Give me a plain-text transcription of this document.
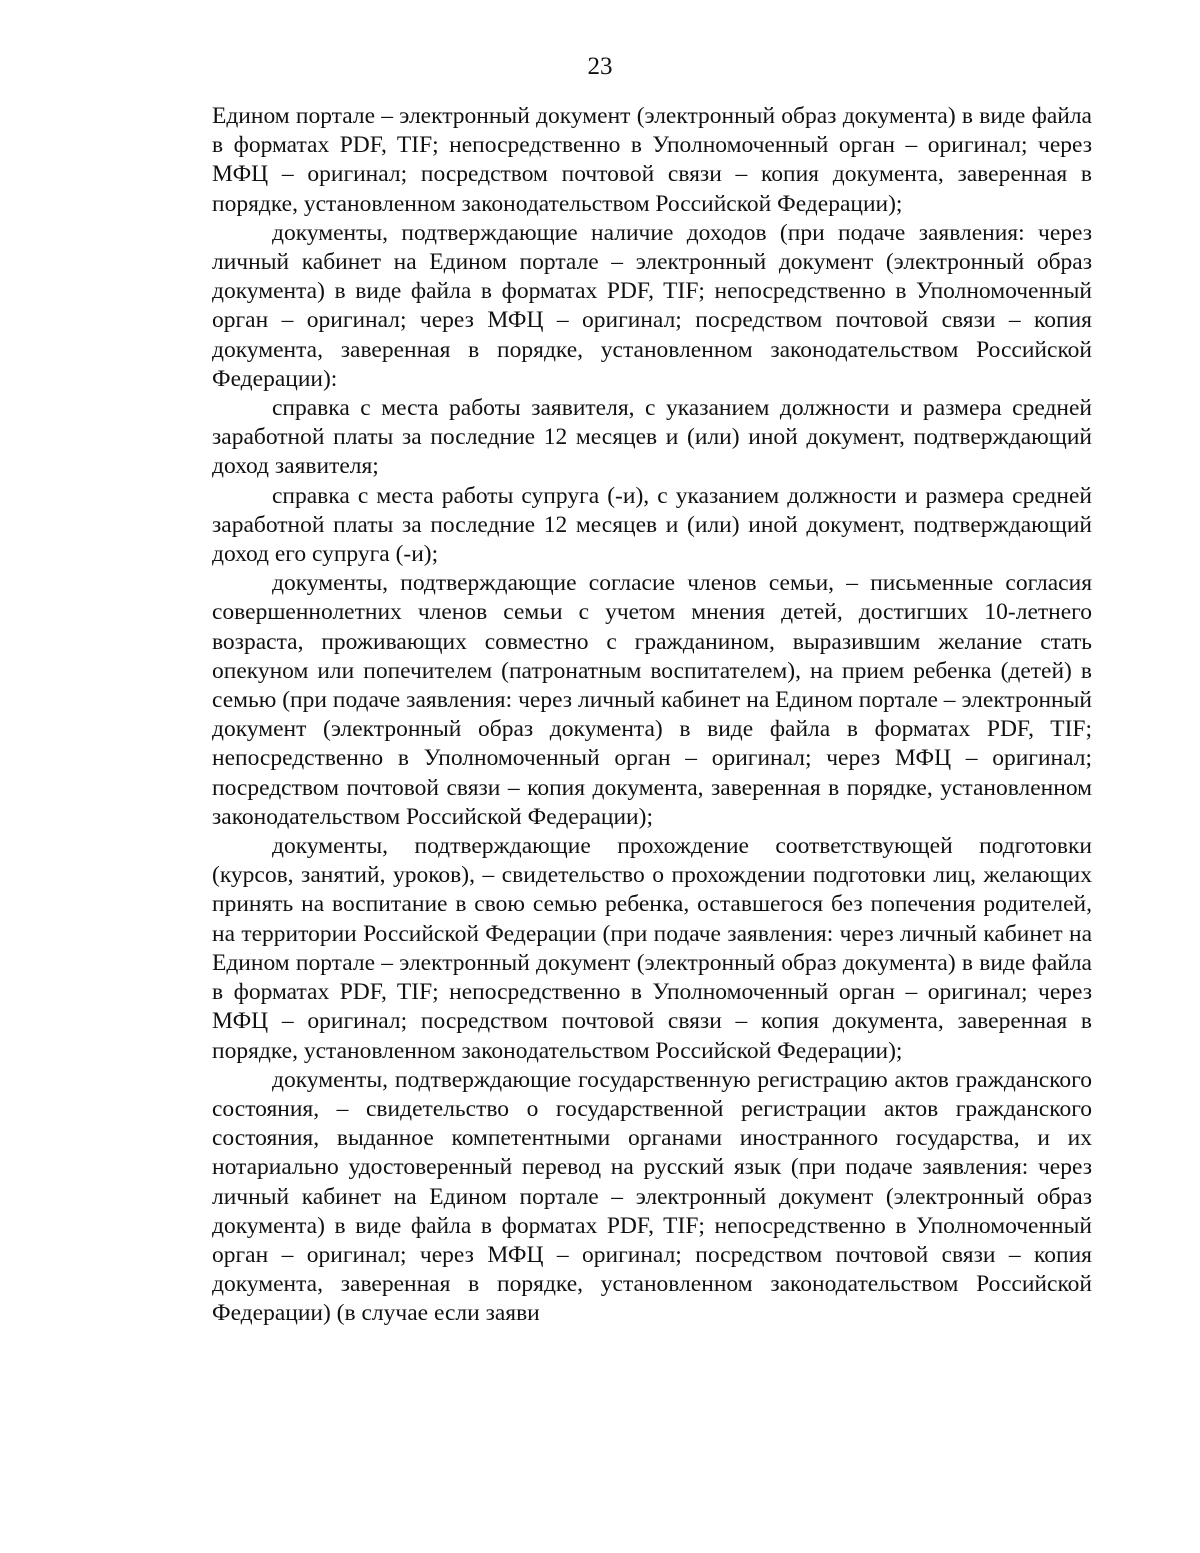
23

Едином портале – электронный документ (электронный образ документа) в виде файла в форматах PDF, TIF; непосредственно в Уполномоченный орган – оригинал; через МФЦ – оригинал; посредством почтовой связи – копия документа, заверенная в порядке, установленном законодательством Российской Федерации);

документы, подтверждающие наличие доходов (при подаче заявления: через личный кабинет на Едином портале – электронный документ (электронный образ документа) в виде файла в форматах PDF, TIF; непосредственно в Уполномоченный орган – оригинал; через МФЦ – оригинал; посредством почтовой связи – копия документа, заверенная в порядке, установленном законодательством Российской Федерации):

справка с места работы заявителя, с указанием должности и размера средней заработной платы за последние 12 месяцев и (или) иной документ, подтверждающий доход заявителя;

справка с места работы супруга (-и), с указанием должности и размера средней заработной платы за последние 12 месяцев и (или) иной документ, подтверждающий доход его супруга (-и);

документы, подтверждающие согласие членов семьи, – письменные согласия совершеннолетних членов семьи с учетом мнения детей, достигших 10-летнего возраста, проживающих совместно с гражданином, выразившим желание стать опекуном или попечителем (патронатным воспитателем), на прием ребенка (детей) в семью (при подаче заявления: через личный кабинет на Едином портале – электронный документ (электронный образ документа) в виде файла в форматах PDF, TIF; непосредственно в Уполномоченный орган – оригинал; через МФЦ – оригинал; посредством почтовой связи – копия документа, заверенная в порядке, установленном законодательством Российской Федерации);

документы, подтверждающие прохождение соответствующей подготовки (курсов, занятий, уроков), – свидетельство о прохождении подготовки лиц, желающих принять на воспитание в свою семью ребенка, оставшегося без попечения родителей, на территории Российской Федерации (при подаче заявления: через личный кабинет на Едином портале – электронный документ (электронный образ документа) в виде файла в форматах PDF, TIF; непосредственно в Уполномоченный орган – оригинал; через МФЦ – оригинал; посредством почтовой связи – копия документа, заверенная в порядке, установленном законодательством Российской Федерации);

документы, подтверждающие государственную регистрацию актов гражданского состояния, – свидетельство о государственной регистрации актов гражданского состояния, выданное компетентными органами иностранного государства, и их нотариально удостоверенный перевод на русский язык (при подаче заявления: через личный кабинет на Едином портале – электронный документ (электронный образ документа) в виде файла в форматах PDF, TIF; непосредственно в Уполномоченный орган – оригинал; через МФЦ – оригинал; посредством почтовой связи – копия документа, заверенная в порядке, установленном законодательством Российской Федерации) (в случае если заяви
